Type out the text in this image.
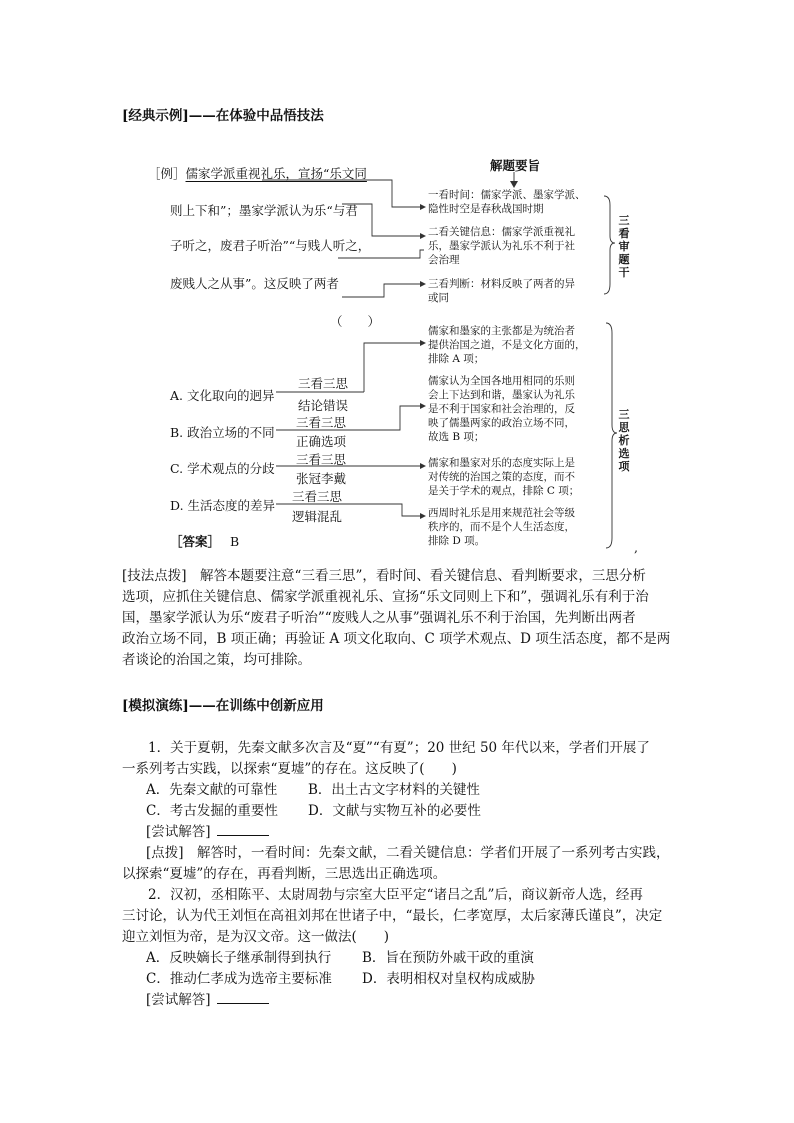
[经典示例]——在体验中品悟技法
［例］儒家学派重视礼乐，宣扬“乐文同
则上下和”；墨家学派认为乐“与君
子听之，废君子听治”“与贱人听之，
废贱人之从事”。这反映了两者
（　　）
解题要旨
一看时间：儒家学派、墨家学派、
隐性时空是春秋战国时期
二看关键信息：儒家学派重视礼
乐，墨家学派认为礼乐不利于社
会治理
三看判断：材料反映了两者的异
或同
三看审题干
A. 文化取向的迥异
三看三思
结论错误
B. 政治立场的不同
三看三思
正确选项
C. 学术观点的分歧
三看三思
张冠李戴
D. 生活态度的差异
三看三思
逻辑混乱
儒家和墨家的主张都是为统治者
提供治国之道，不是文化方面的，
排除 A 项；
儒家认为全国各地用相同的乐则
会上下达到和谐，墨家认为礼乐
是不利于国家和社会治理的，反
映了儒墨两家的政治立场不同，
故选 B 项；
儒家和墨家对乐的态度实际上是
对传统的治国之策的态度，而不
是关于学术的观点，排除 C 项；
西周时礼乐是用来规范社会等级
秩序的，而不是个人生活态度，
排除 D 项。
三思析选项
［答案］ B	,

[技法点拨]　 解答本题要注意“三看三思”，看时间、看关键信息、看判断要求，三思分析

选项，应抓住关键信息、儒家学派重视礼乐、宣扬“乐文同则上下和”，强调礼乐有利于治

国，墨家学派认为乐“废君子听治”“废贱人之从事”强调礼乐不利于治国，先判断出两者

政治立场不同，B 项正确；再验证 A 项文化取向、C 项学术观点、D 项生活态度，都不是两

者谈论的治国之策，均可排除。

[模拟演练]——在训练中创新应用

1．关于夏朝，先秦文献多次言及“夏”“有夏”；20 世纪 50 年代以来，学者们开展了

一系列考古实践，以探索“夏墟”的存在。这反映了(　　)

A．先秦文献的可靠性 B．出土古文字材料的关键性

C．考古发掘的重要性 D．文献与实物互补的必要性

[尝试解答]

[点拨]　 解答时，一看时间：先秦文献，二看关键信息：学者们开展了一系列考古实践，

以探索“夏墟”的存在，再看判断，三思选出正确选项。

2．汉初，丞相陈平、太尉周勃与宗室大臣平定“诸吕之乱”后，商议新帝人选，经再

三讨论，认为代王刘恒在高祖刘邦在世诸子中，“最长，仁孝宽厚，太后家薄氏谨良”，决定

迎立刘恒为帝，是为汉文帝。这一做法(　　)

A．反映嫡长子继承制得到执行 B．旨在预防外戚干政的重演

C．推动仁孝成为选帝主要标准 D．表明相权对皇权构成威胁

[尝试解答]
